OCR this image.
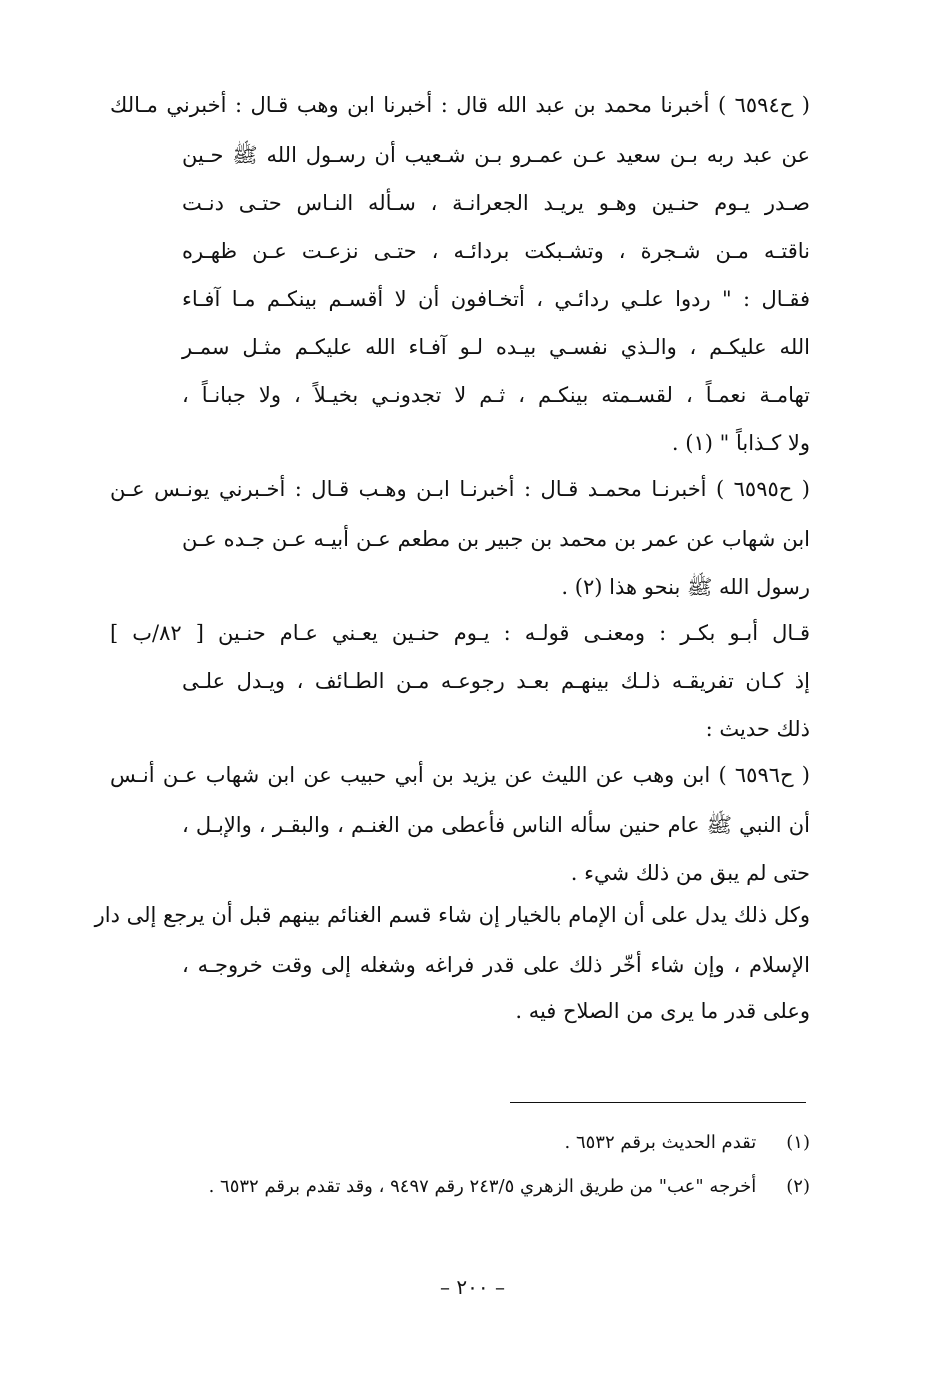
( ح٦٥٩٤ ) أخبرنا محمد بن عبد الله قال : أخبرنا ابن وهب قـال : أخبرني مـالك
عن عبد ربه بـن سعيد عـن عمـرو بـن شـعيب أن رسـول الله ﷺ حـين
صـدر يـوم حنـين وهـو يريـد الجعرانـة ، سـأله النـاس حتـى دنـت
ناقتـه مـن شـجرة ، وتشـبكت بردائـه ، حتـى نزعـت عـن ظهـره
فقـال : " ردوا علـي ردائـي ، أتخـافون أن لا أقسـم بينكـم مـا آفـاء
الله عليكـم ، والـذي نفسـي بيـده لـو آفـاء الله عليكـم مثـل سمـر
تهامـة نعمـاً ، لقسـمته بينكـم ، ثـم لا تجدونـي بخيـلاً ، ولا جبانـاً ،
ولا كـذاباً " (١) .
( ح٦٥٩٥ ) أخبرنـا محمـد قـال : أخبرنـا ابـن وهـب قـال : أخـبرني يونـس عـن
ابن شهاب عن عمر بن محمد بن جبير بن مطعم عـن أبيـه عـن جـده عـن
رسول الله ﷺ بنحو هذا (٢) .
قـال أبـو بكـر : ومعنـى قولـه : يـوم حنـين يعـني عـام حنـين [ ٨٢/ب ]
إذ كـان تفريقـه ذلـك بينهـم بعـد رجوعـه مـن الطـائف ، ويـدل علـى
ذلك حديث :
( ح٦٥٩٦ ) ابن وهب عن الليث عن يزيد بن أبي حبيب عن ابن شهاب عـن أنـس
أن النبي ﷺ عام حنين سأله الناس فأعطى من الغنـم ، والبقـر ، والإبـل ،
حتى لم يبق من ذلك شيء .
وكل ذلك يدل على أن الإمام بالخيار إن شاء قسم الغنائم بينهم قبل أن يرجع إلى دار
الإسلام ، وإن شاء أخّر ذلك على قدر فراغه وشغله إلى وقت خروجـه ،
وعلى قدر ما يرى من الصلاح فيه .
(١) تقدم الحديث برقم ٦٥٣٢ .
(٢) أخرجه "عب" من طريق الزهري ٢٤٣/٥ رقم ٩٤٩٧ ، وقد تقدم برقم ٦٥٣٢ .
– ٢٠٠ –
